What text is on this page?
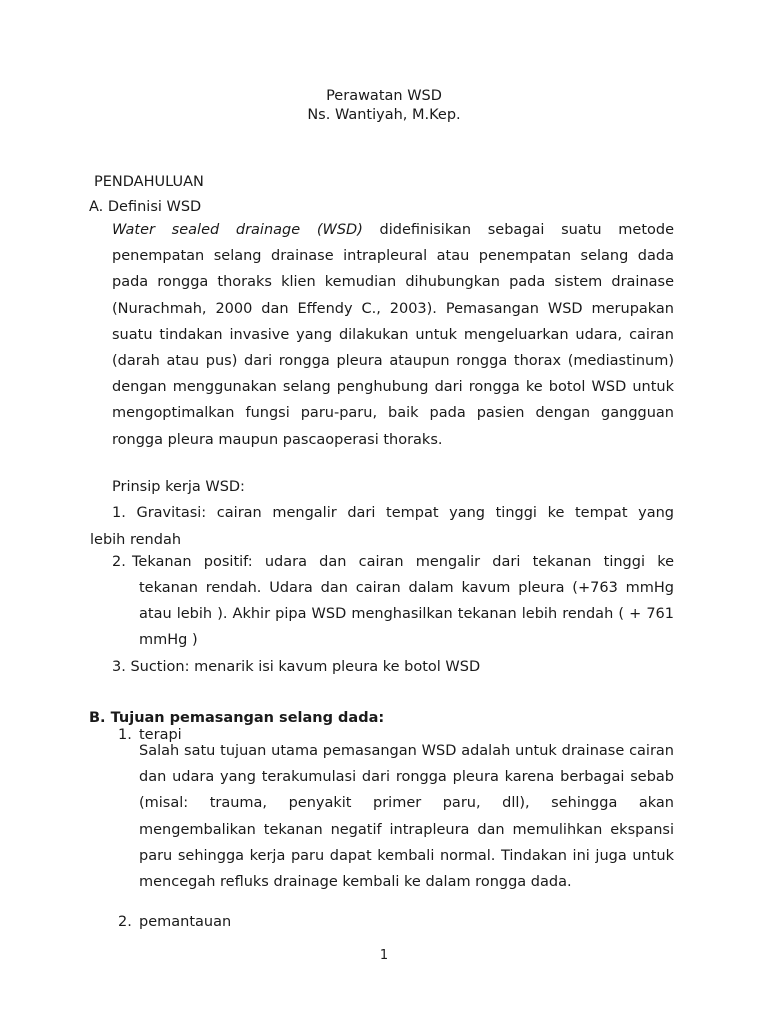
Perawatan WSD
Ns. Wantiyah, M.Kep.
PENDAHULUAN
A. Definisi WSD
Water sealed drainage (WSD) didefinisikan sebagai suatu metode penempatan selang drainase intrapleural atau penempatan selang dada pada rongga thoraks klien kemudian dihubungkan pada sistem drainase (Nurachmah, 2000 dan Effendy C., 2003). Pemasangan WSD merupakan suatu tindakan invasive yang dilakukan untuk mengeluarkan udara, cairan (darah atau pus) dari rongga pleura ataupun rongga thorax (mediastinum) dengan menggunakan selang penghubung dari rongga ke botol WSD untuk mengoptimalkan fungsi paru-paru, baik pada pasien dengan gangguan rongga pleura maupun pascaoperasi thoraks.
Prinsip kerja WSD:
1. Gravitasi: cairan mengalir dari tempat yang tinggi ke tempat yang
lebih rendah
2. Tekanan positif: udara dan cairan mengalir dari tekanan tinggi ke
tekanan rendah. Udara dan cairan dalam kavum pleura (+763 mmHg atau lebih ). Akhir pipa WSD menghasilkan tekanan lebih rendah ( + 761 mmHg )
3. Suction: menarik isi kavum pleura ke botol WSD
B. Tujuan pemasangan selang dada:
1. terapi
Salah satu tujuan utama pemasangan WSD adalah untuk drainase cairan dan udara yang terakumulasi dari rongga pleura karena berbagai sebab (misal: trauma, penyakit primer paru, dll), sehingga akan mengembalikan tekanan negatif intrapleura dan memulihkan ekspansi paru sehingga kerja paru dapat kembali normal. Tindakan ini juga untuk mencegah refluks drainage kembali ke dalam rongga dada.
2. pemantauan
1
